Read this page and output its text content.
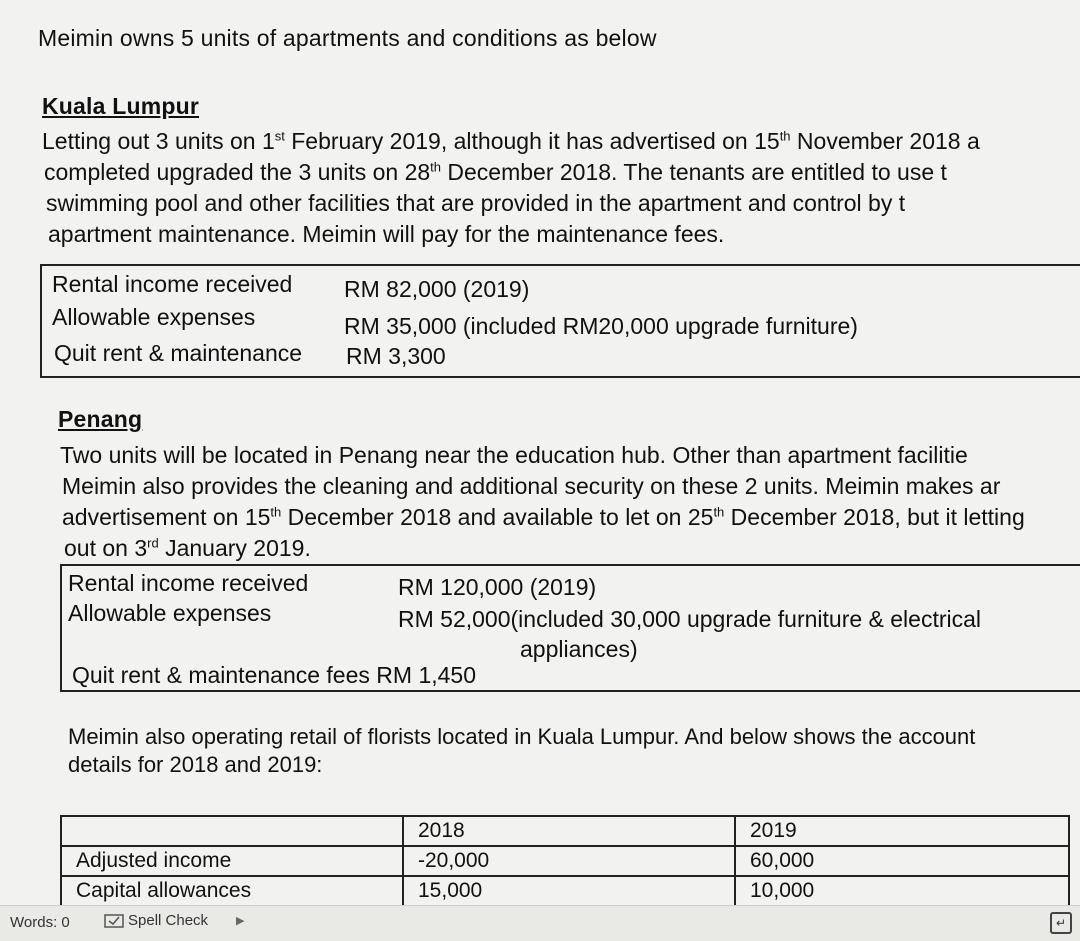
Meimin owns 5 units of apartments and conditions as below
Kuala Lumpur
Letting out 3 units on 1st February 2019, although it has advertised on 15th November 2018 a
completed upgraded the 3 units on 28th December 2018. The tenants are entitled to use t
swimming pool and other facilities that are provided in the apartment and control by t
apartment maintenance. Meimin will pay for the maintenance fees.
Rental income received RM 82,000 (2019)
Allowable expenses	RM 35,000 (included RM20,000 upgrade furniture)
Quit rent & maintenance RM 3,300
Penang
Two units will be located in Penang near the education hub. Other than apartment facilitie
Meimin also provides the cleaning and additional security on these 2 units. Meimin makes ar
advertisement on 15th December 2018 and available to let on 25th December 2018, but it letting
out on 3rd January 2019.
Rental income received	RM 120,000 (2019)
Allowable expenses	RM 52,000(included 30,000 upgrade furniture & electrical
appliances)
Quit rent & maintenance fees RM 1,450
Meimin also operating retail of florists located in Kuala Lumpur. And below shows the account
details for 2018 and 2019:
	2018	2019
Adjusted income	-20,000	60,000
Capital allowances	15,000	10,000
Words: 0	Spell Check	▶	↵
